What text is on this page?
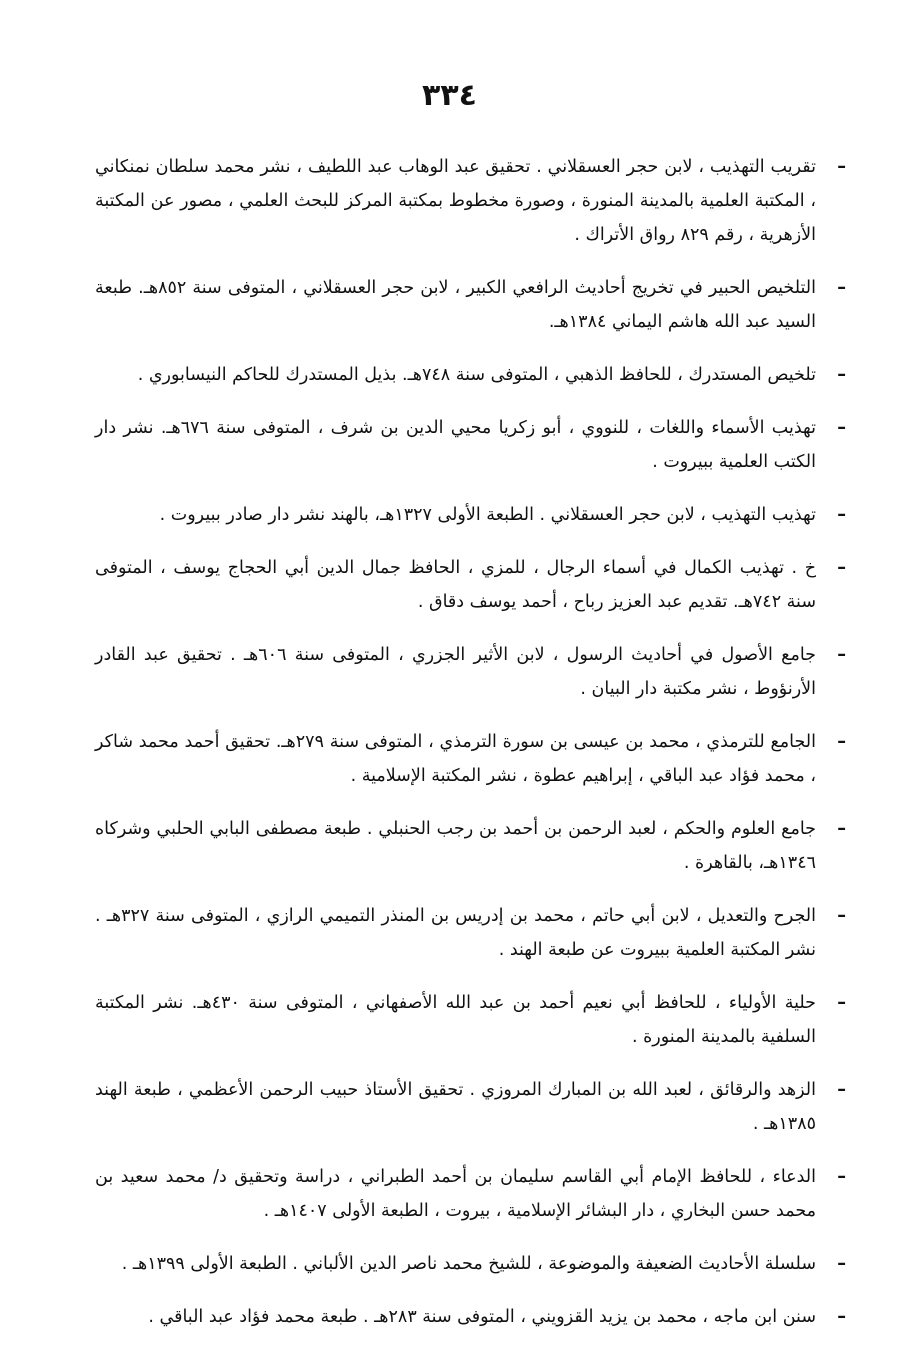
٣٣٤
–
تقريب التهذيب ، لابن حجر العسقلاني . تحقيق عبد الوهاب عبد اللطيف ، نشر محمد سلطان نمنكاني ، المكتبة العلمية بالمدينة المنورة ، وصورة مخطوط بمكتبة المركز للبحث العلمي ، مصور عن المكتبة الأزهرية ، رقم ٨٢٩ رواق الأتراك .
–
التلخيص الحبير في تخريج أحاديث الرافعي الكبير ، لابن حجر العسقلاني ، المتوفى سنة ٨٥٢هـ. طبعة السيد عبد الله هاشم اليماني ١٣٨٤هـ.
–
تلخيص المستدرك ، للحافظ الذهبي ، المتوفى سنة ٧٤٨هـ. بذيل المستدرك للحاكم النيسابوري .
–
تهذيب الأسماء واللغات ، للنووي ، أبو زكريا محيي الدين بن شرف ، المتوفى سنة ٦٧٦هـ. نشر دار الكتب العلمية ببيروت .
–
تهذيب التهذيب ، لابن حجر العسقلاني . الطبعة الأولى ١٣٢٧هـ، بالهند نشر دار صادر ببيروت .
–
خ . تهذيب الكمال في أسماء الرجال ، للمزي ، الحافظ جمال الدين أبي الحجاج يوسف ، المتوفى سنة ٧٤٢هـ. تقديم عبد العزيز رباح ، أحمد يوسف دقاق .
–
جامع الأصول في أحاديث الرسول ، لابن الأثير الجزري ، المتوفى سنة ٦٠٦هـ . تحقيق عبد القادر الأرنؤوط ، نشر مكتبة دار البيان .
–
الجامع للترمذي ، محمد بن عيسى بن سورة الترمذي ، المتوفى سنة ٢٧٩هـ. تحقيق أحمد محمد شاكر ، محمد فؤاد عبد الباقي ، إبراهيم عطوة ، نشر المكتبة الإسلامية .
–
جامع العلوم والحكم ، لعبد الرحمن بن أحمد بن رجب الحنبلي . طبعة مصطفى البابي الحلبي وشركاه ١٣٤٦هـ، بالقاهرة .
–
الجرح والتعديل ، لابن أبي حاتم ، محمد بن إدريس بن المنذر التميمي الرازي ، المتوفى سنة ٣٢٧هـ . نشر المكتبة العلمية ببيروت عن طبعة الهند .
–
حلية الأولياء ، للحافظ أبي نعيم أحمد بن عبد الله الأصفهاني ، المتوفى سنة ٤٣٠هـ. نشر المكتبة السلفية بالمدينة المنورة .
–
الزهد والرقائق ، لعبد الله بن المبارك المروزي . تحقيق الأستاذ حبيب الرحمن الأعظمي ، طبعة الهند ١٣٨٥هـ .
–
الدعاء ، للحافظ الإمام أبي القاسم سليمان بن أحمد الطبراني ، دراسة وتحقيق د/ محمد سعيد بن محمد حسن البخاري ، دار البشائر الإسلامية ، بيروت ، الطبعة الأولى ١٤٠٧هـ .
–
سلسلة الأحاديث الضعيفة والموضوعة ، للشيخ محمد ناصر الدين الألباني . الطبعة الأولى ١٣٩٩هـ .
–
سنن ابن ماجه ، محمد بن يزيد القزويني ، المتوفى سنة ٢٨٣هـ . طبعة محمد فؤاد عبد الباقي .
